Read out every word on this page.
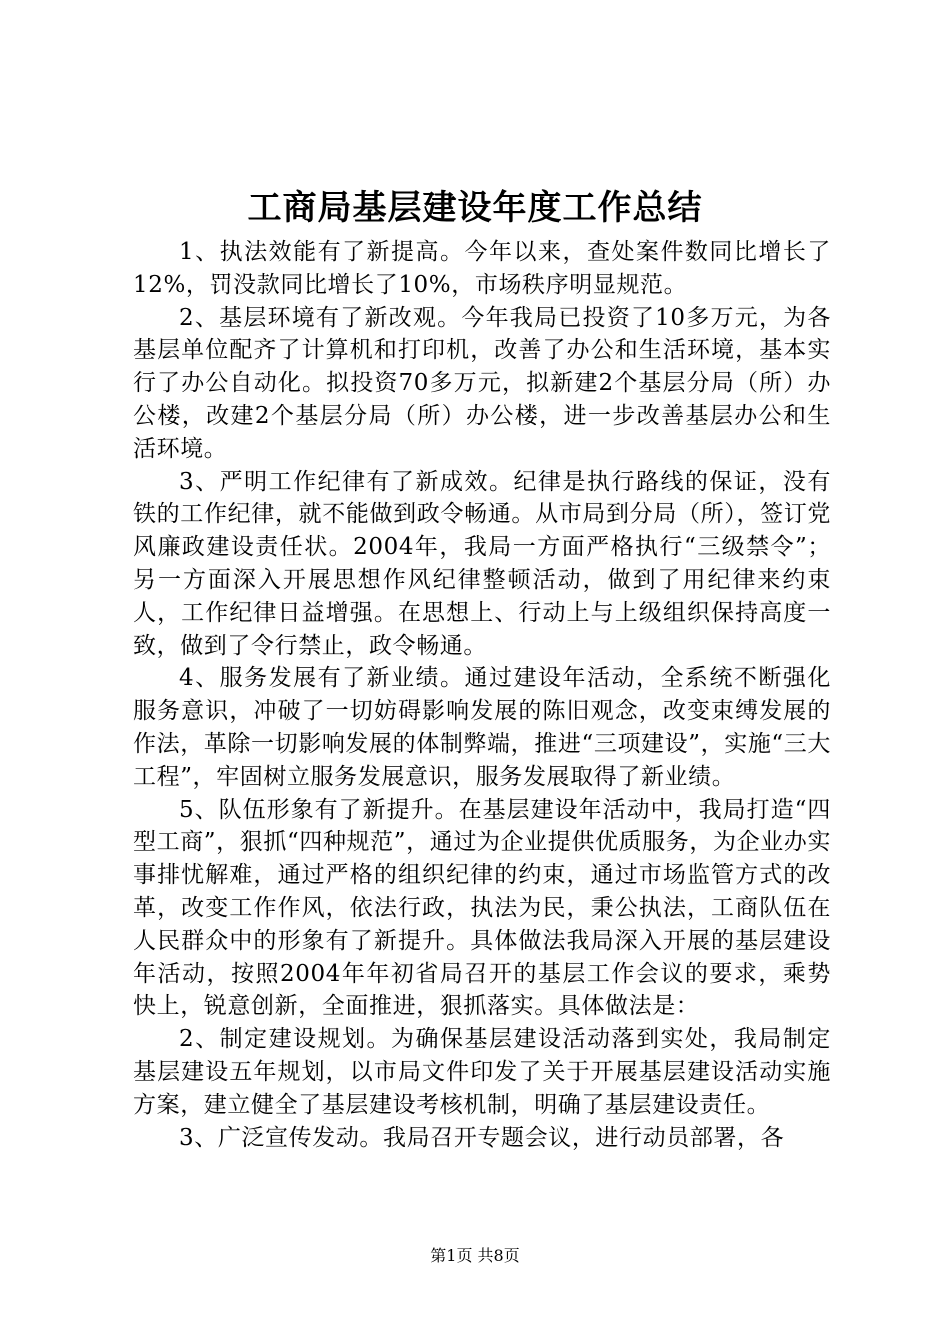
工商局基层建设年度工作总结

1、执法效能有了新提高。今年以来，查处案件数同比增长了12%，罚没款同比增长了10%，市场秩序明显规范。

2、基层环境有了新改观。今年我局已投资了10多万元，为各基层单位配齐了计算机和打印机，改善了办公和生活环境，基本实行了办公自动化。拟投资70多万元，拟新建2个基层分局（所）办公楼，改建2个基层分局（所）办公楼，进一步改善基层办公和生活环境。

3、严明工作纪律有了新成效。纪律是执行路线的保证，没有铁的工作纪律，就不能做到政令畅通。从市局到分局（所），签订党风廉政建设责任状。2004年，我局一方面严格执行“三级禁令”；另一方面深入开展思想作风纪律整顿活动，做到了用纪律来约束人，工作纪律日益增强。在思想上、行动上与上级组织保持高度一致，做到了令行禁止，政令畅通。

4、服务发展有了新业绩。通过建设年活动，全系统不断强化服务意识，冲破了一切妨碍影响发展的陈旧观念，改变束缚发展的作法，革除一切影响发展的体制弊端，推进“三项建设”，实施“三大工程”，牢固树立服务发展意识，服务发展取得了新业绩。

5、队伍形象有了新提升。在基层建设年活动中，我局打造“四型工商”，狠抓“四种规范”，通过为企业提供优质服务，为企业办实事排忧解难，通过严格的组织纪律的约束，通过市场监管方式的改革，改变工作作风，依法行政，执法为民，秉公执法，工商队伍在人民群众中的形象有了新提升。具体做法我局深入开展的基层建设年活动，按照2004年年初省局召开的基层工作会议的要求，乘势快上，锐意创新，全面推进，狠抓落实。具体做法是：

2、制定建设规划。为确保基层建设活动落到实处，我局制定基层建设五年规划，以市局文件印发了关于开展基层建设活动实施方案，建立健全了基层建设考核机制，明确了基层建设责任。

3、广泛宣传发动。我局召开专题会议，进行动员部署，各

第1页 共8页
